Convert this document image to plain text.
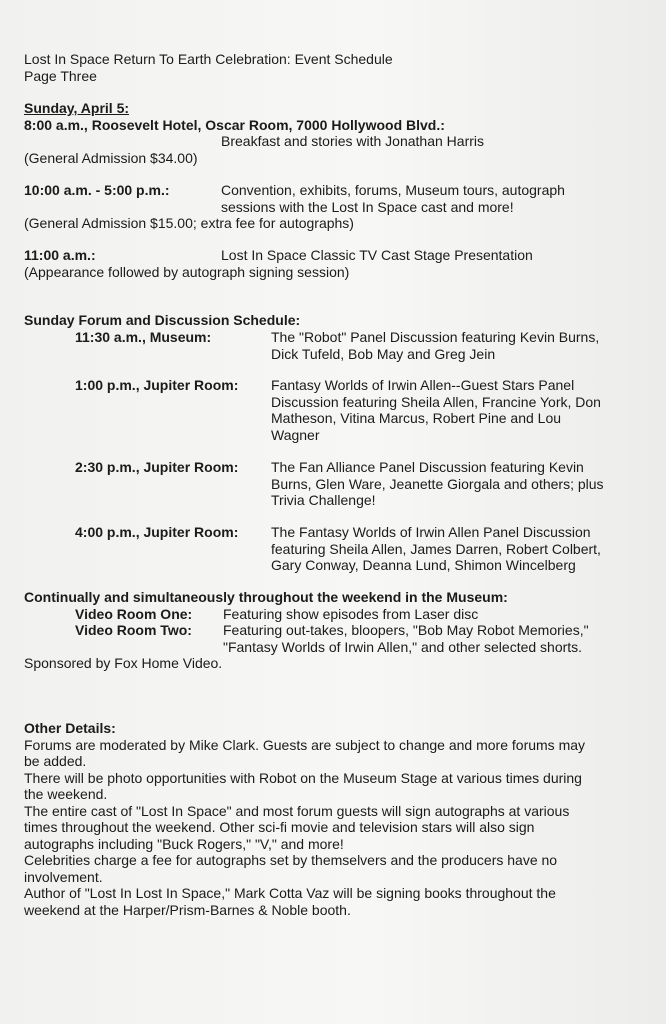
Lost In Space Return To Earth Celebration: Event Schedule
Page Three
Sunday, April 5:
8:00 a.m., Roosevelt Hotel, Oscar Room, 7000 Hollywood Blvd.:
Breakfast and stories with Jonathan Harris
(General Admission $34.00)
10:00 a.m. - 5:00 p.m.:	Convention, exhibits, forums, Museum tours, autograph
sessions with the Lost In Space cast and more!
(General Admission $15.00; extra fee for autographs)
11:00 a.m.:	Lost In Space Classic TV Cast Stage Presentation
(Appearance followed by autograph signing session)
Sunday Forum and Discussion Schedule:
11:30 a.m., Museum:	The "Robot" Panel Discussion featuring Kevin Burns,
Dick Tufeld, Bob May and Greg Jein
1:00 p.m., Jupiter Room:	Fantasy Worlds of Irwin Allen--Guest Stars Panel
Discussion featuring Sheila Allen, Francine York, Don
Matheson, Vitina Marcus, Robert Pine and Lou
Wagner
2:30 p.m., Jupiter Room:	The Fan Alliance Panel Discussion featuring Kevin
Burns, Glen Ware, Jeanette Giorgala and others; plus
Trivia Challenge!
4:00 p.m., Jupiter Room:	The Fantasy Worlds of Irwin Allen Panel Discussion
featuring Sheila Allen, James Darren, Robert Colbert,
Gary Conway, Deanna Lund, Shimon Wincelberg
Continually and simultaneously throughout the weekend in the Museum:
Video Room One:	Featuring show episodes from Laser disc
Video Room Two:	Featuring out-takes, bloopers, "Bob May Robot Memories,"
"Fantasy Worlds of Irwin Allen," and other selected shorts.
Sponsored by Fox Home Video.
Other Details:
Forums are moderated by Mike Clark. Guests are subject to change and more forums may
be added.
There will be photo opportunities with Robot on the Museum Stage at various times during
the weekend.
The entire cast of "Lost In Space" and most forum guests will sign autographs at various
times throughout the weekend. Other sci-fi movie and television stars will also sign
autographs including "Buck Rogers," "V," and more!
Celebrities charge a fee for autographs set by themselvers and the producers have no
involvement.
Author of "Lost In Lost In Space," Mark Cotta Vaz will be signing books throughout the
weekend at the Harper/Prism-Barnes & Noble booth.
